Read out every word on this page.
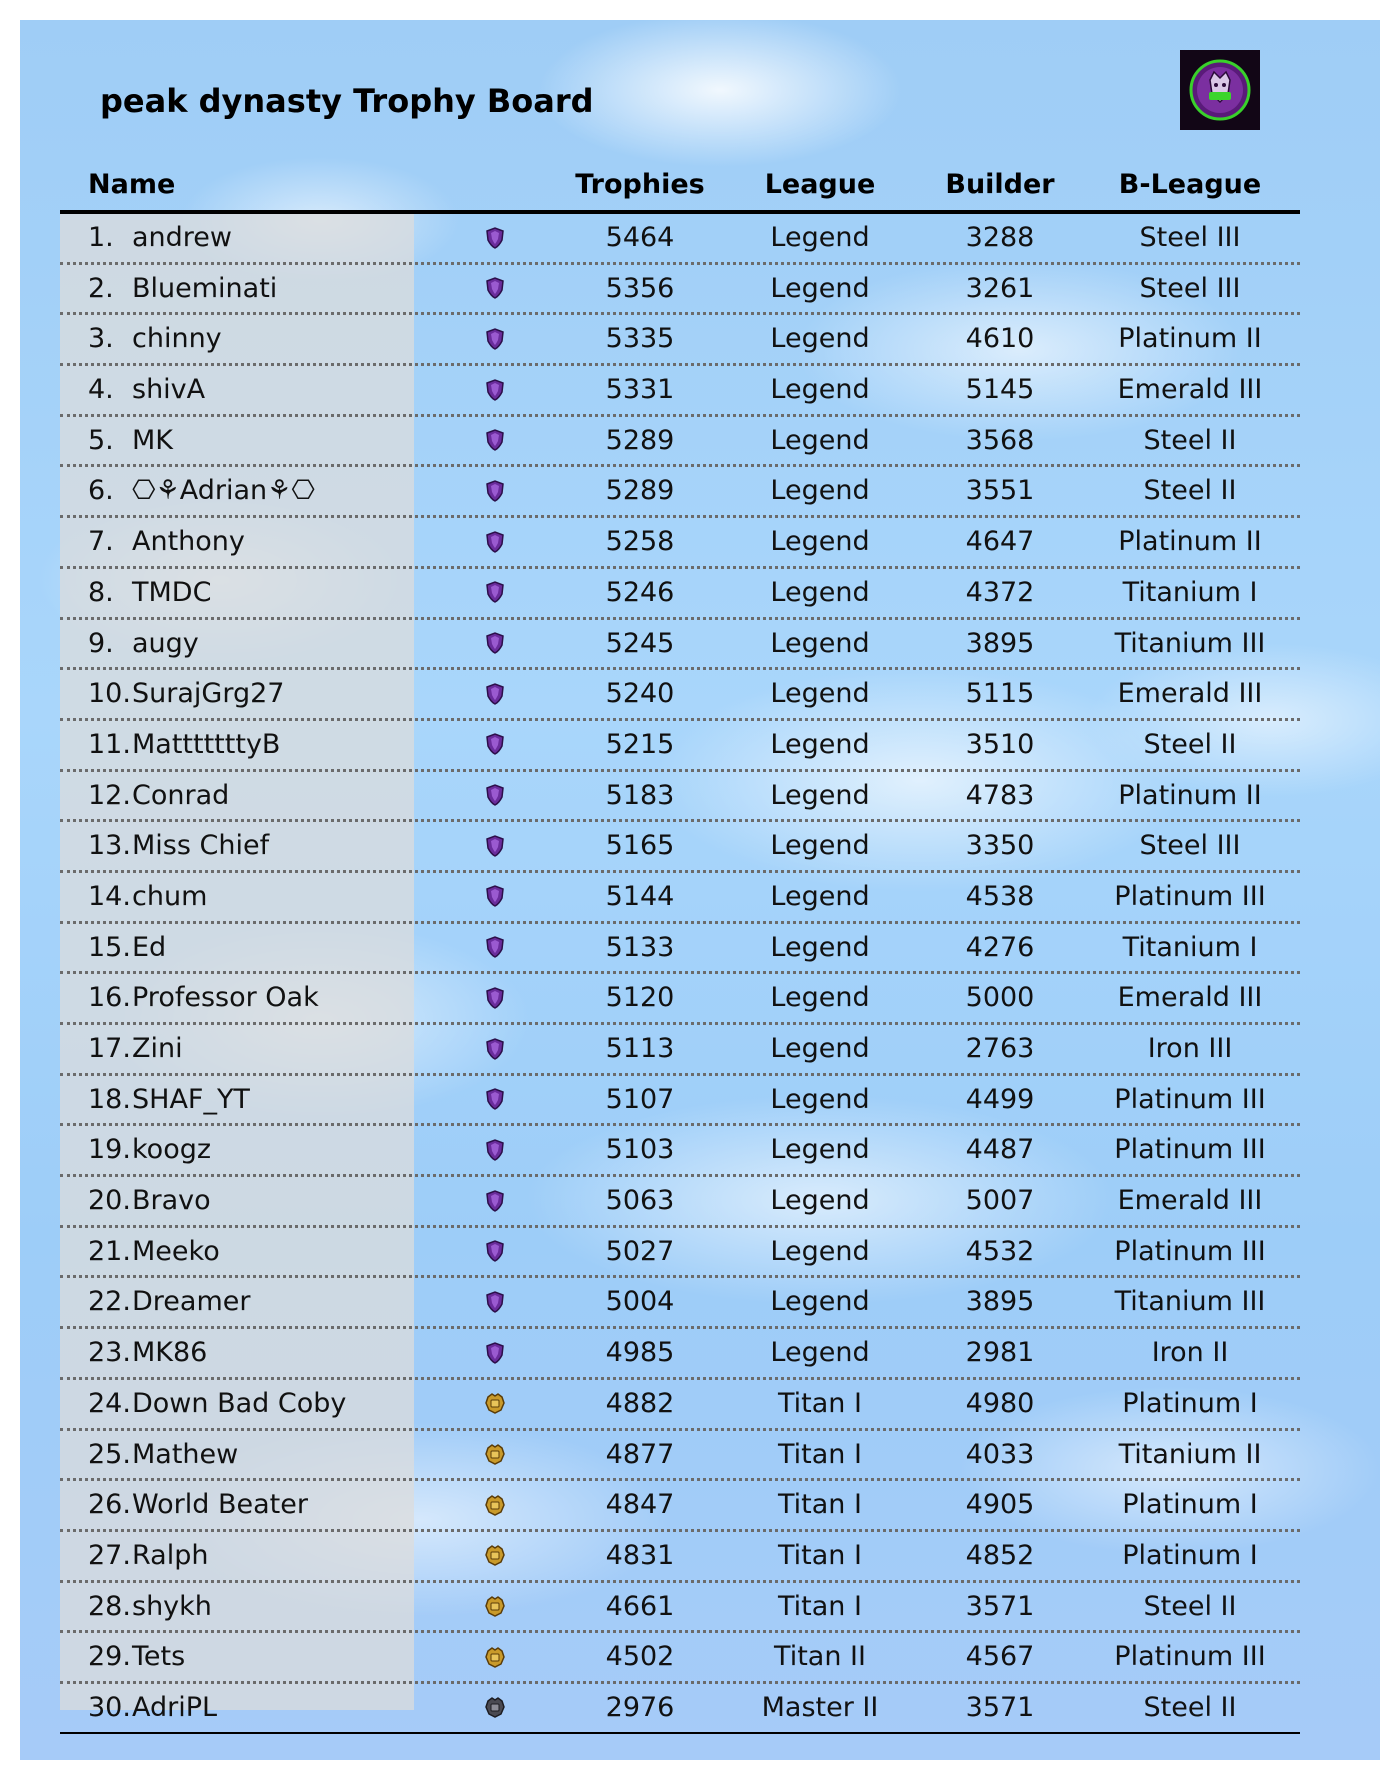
peak dynasty Trophy Board
Name	Trophies	League	Builder	B-League
1. andrew	5464	Legend	3288	Steel III
2. Blueminati	5356	Legend	3261	Steel III
3. chinny	5335	Legend	4610	Platinum II
4. shivA	5331	Legend	5145	Emerald III
5. MK	5289	Legend	3568	Steel II
6. ⎔⚘Adrian⚘⎔	5289	Legend	3551	Steel II
7. Anthony	5258	Legend	4647	Platinum II
8. TMDC	5246	Legend	4372	Titanium I
9. augy	5245	Legend	3895	Titanium III
10.SurajGrg27	5240	Legend	5115	Emerald III
11.MatttttttyB	5215	Legend	3510	Steel II
12.Conrad	5183	Legend	4783	Platinum II
13.Miss Chief	5165	Legend	3350	Steel III
14.chum	5144	Legend	4538	Platinum III
15.Ed	5133	Legend	4276	Titanium I
16.Professor Oak	5120	Legend	5000	Emerald III
17.Zini	5113	Legend	2763	Iron III
18.SHAF_YT	5107	Legend	4499	Platinum III
19.koogz	5103	Legend	4487	Platinum III
20.Bravo	5063	Legend	5007	Emerald III
21.Meeko	5027	Legend	4532	Platinum III
22.Dreamer	5004	Legend	3895	Titanium III
23.MK86	4985	Legend	2981	Iron II
24.Down Bad Coby	4882	Titan I	4980	Platinum I
25.Mathew	4877	Titan I	4033	Titanium II
26.World Beater	4847	Titan I	4905	Platinum I
27.Ralph	4831	Titan I	4852	Platinum I
28.shykh	4661	Titan I	3571	Steel II
29.Tets	4502	Titan II	4567	Platinum III
30.AdriPL	2976	Master II	3571	Steel II
